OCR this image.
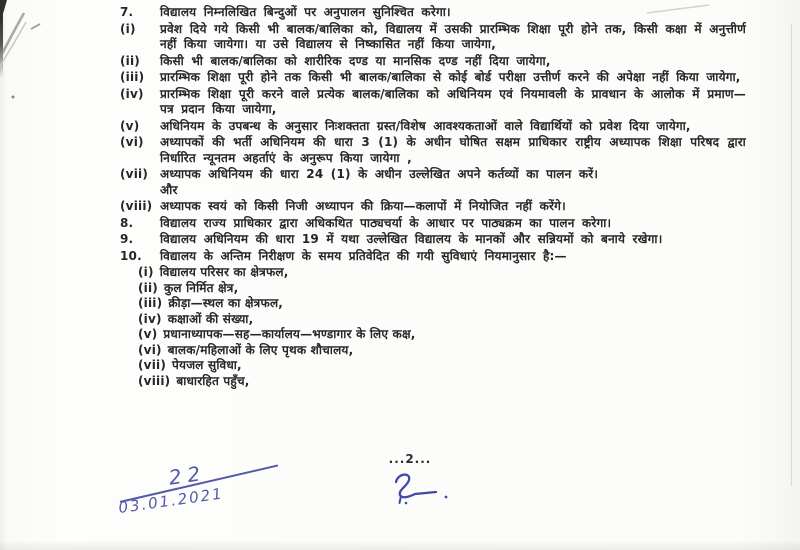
7.	विद्यालय निम्नलिखित बिन्दुओं पर अनुपालन सुनिश्चित करेगा।
(i)	प्रवेश दिये गये किसी भी बालक/बालिका को, विद्यालय में उसकी प्रारम्भिक शिक्षा पूरी होने तक, किसी कक्षा में अनुत्तीर्ण नहीं किया जायेगा। या उसे विद्यालय से निष्कासित नहीं किया जायेगा,
(ii)	किसी भी बालक/बालिका को शारीरिक दण्ड या मानसिक दण्ड नहीं दिया जायेगा,
(iii)	प्रारम्भिक शिक्षा पूरी होने तक किसी भी बालक/बालिका से कोई बोर्ड परीक्षा उत्तीर्ण करने की अपेक्षा नहीं किया जायेगा,
(iv)	प्रारम्भिक शिक्षा पूरी करने वाले प्रत्येक बालक/बालिका को अधिनियम एवं नियमावली के प्रावधान के आलोक में प्रमाण—पत्र प्रदान किया जायेगा,
(v)	अधिनियम के उपबन्ध के अनुसार निःशक्तता ग्रस्त/विशेष आवश्यकताओं वाले विद्यार्थियों को प्रवेश दिया जायेगा,
(vi)	अध्यापकों की भर्ती अधिनियम की धारा 3 (1) के अधीन घोषित सक्षम प्राधिकार राष्ट्रीय अध्यापक शिक्षा परिषद द्वारा निर्धारित न्यूनतम अहर्ताएं के अनुरूप किया जायेगा ,
(vii) अध्यापक अधिनियम की धारा 24 (1) के अधीन उल्लेखित अपने कर्तव्यों का पालन करें।
और
(viii) अध्यापक स्वयं को किसी निजी अध्यापन की क्रिया—कलापों में नियोजित नहीं करेंगे।
8.	विद्यालय राज्य प्राधिकार द्वारा अधिकथित पाठ्यचर्या के आधार पर पाठ्यक्रम का पालन करेगा।
9.	विद्यालय अधिनियम की धारा 19 में यथा उल्लेखित विद्यालय के मानकों और सन्नियमों को बनाये रखेगा।
10.	विद्यालय के अन्तिम निरीक्षण के समय प्रतिवेदित की गयी सुविधाएं नियमानुसार है:—
(i) विद्यालय परिसर का क्षेत्रफल,
(ii) कुल निर्मित क्षेत्र,
(iii) क्रीड़ा—स्थल का क्षेत्रफल,
(iv) कक्षाओं की संख्या,
(v) प्रधानाध्यापक—सह—कार्यालय—भण्डागार के लिए कक्ष,
(vi) बालक/महिलाओं के लिए पृथक शौचालय,
(vii) पेयजल सुविधा,
(viii) बाधारहित पहुँच,
...2...
22
03.01.2021
